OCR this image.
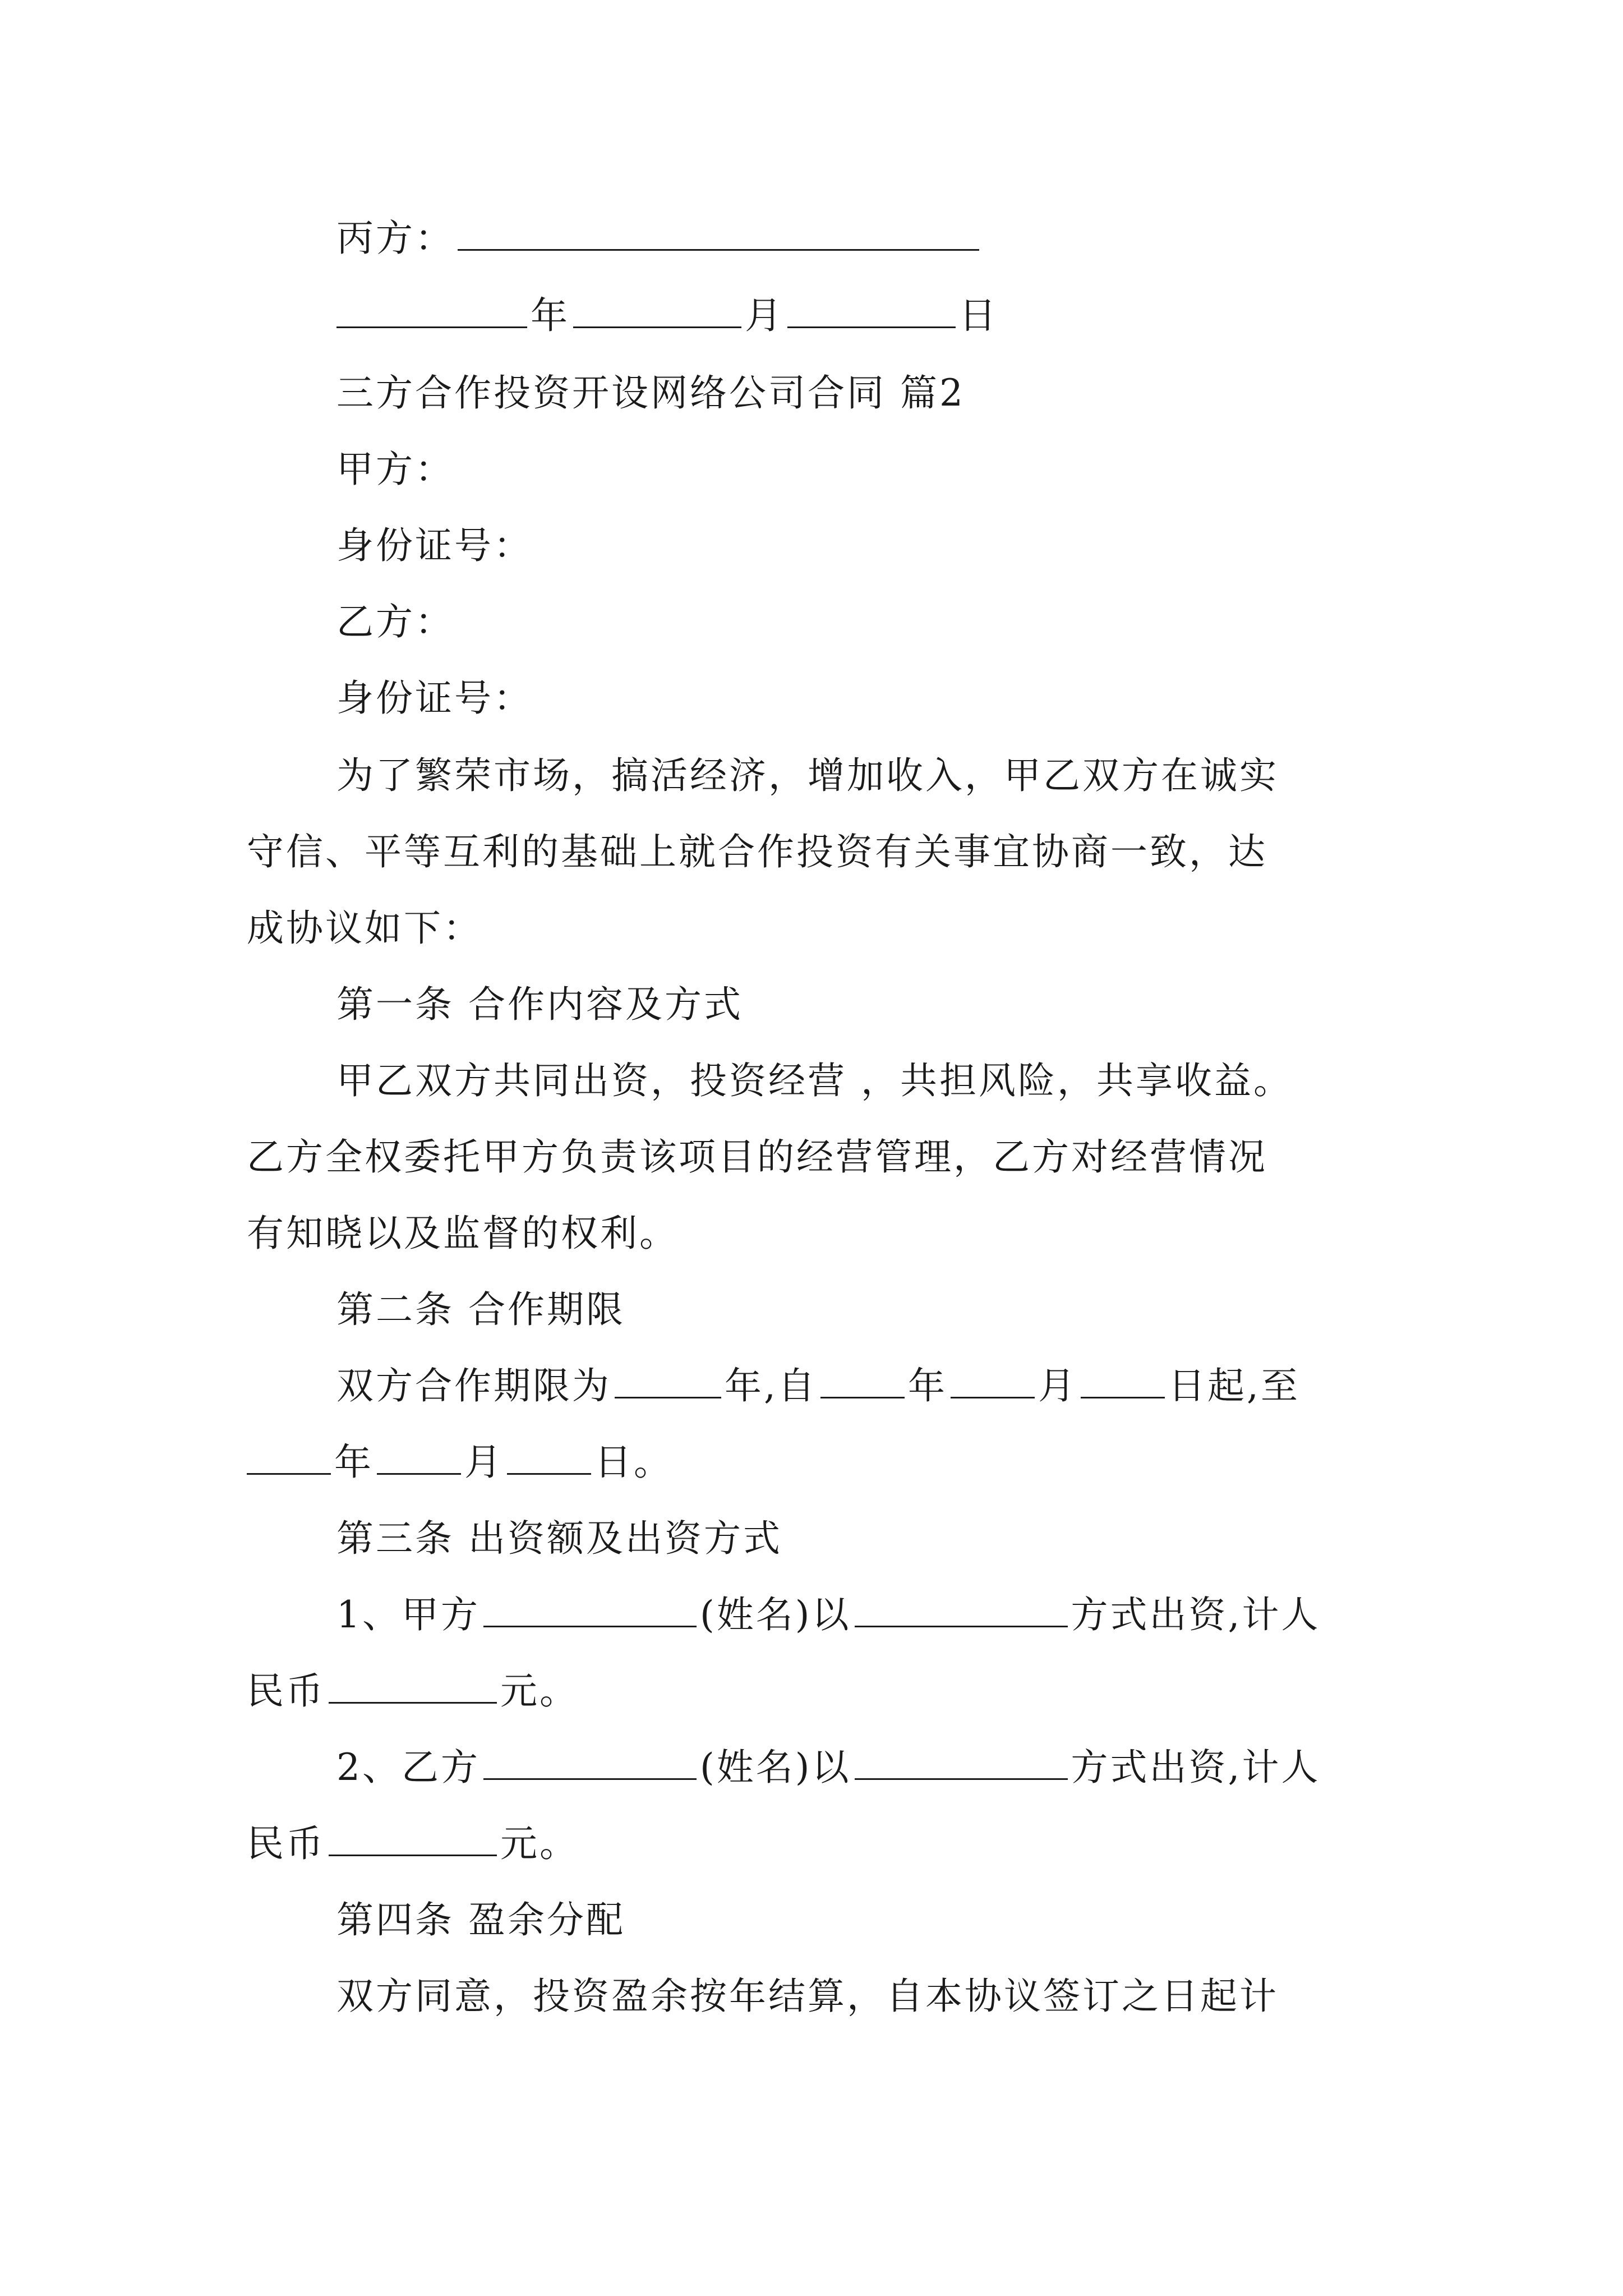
丙方：
年	月	日
三方合作投资开设网络公司合同 篇2
甲方：
身份证号：
乙方：
身份证号：
为了繁荣市场，搞活经济，增加收入，甲乙双方在诚实
守信、平等互利的基础上就合作投资有关事宜协商一致，达
成协议如下：
第一条 合作内容及方式
甲乙双方共同出资，投资经营 ，共担风险，共享收益。
乙方全权委托甲方负责该项目的经营管理，乙方对经营情况
有知晓以及监督的权利。
第二条 合作期限
双方合作期限为	年,自 年 月 日起,至
年 月 日。
第三条 出资额及出资方式
1、甲方	(姓名)以	方式出资,计人
民币	元。
2、乙方	(姓名)以	方式出资,计人
民币	元。
第四条 盈余分配
双方同意，投资盈余按年结算，自本协议签订之日起计
